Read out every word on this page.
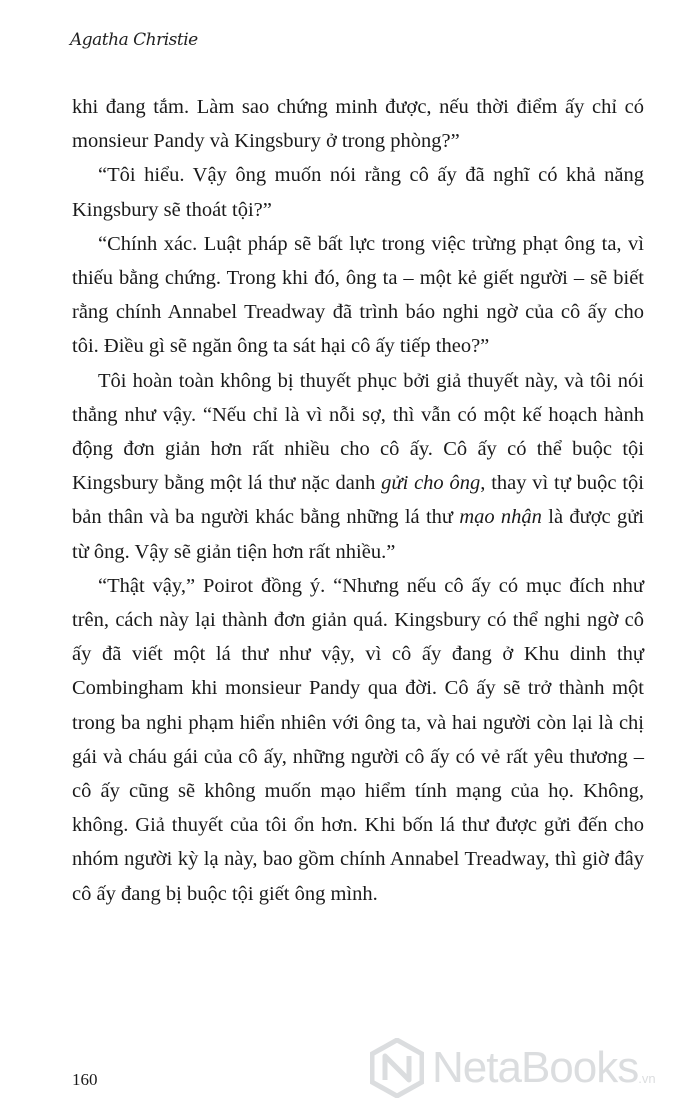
Agatha Christie

khi đang tắm. Làm sao chứng minh được, nếu thời điểm ấy chỉ có monsieur Pandy và Kingsbury ở trong phòng?”

“Tôi hiểu. Vậy ông muốn nói rằng cô ấy đã nghĩ có khả năng Kingsbury sẽ thoát tội?”

“Chính xác. Luật pháp sẽ bất lực trong việc trừng phạt ông ta, vì thiếu bằng chứng. Trong khi đó, ông ta – một kẻ giết người – sẽ biết rằng chính Annabel Treadway đã trình báo nghi ngờ của cô ấy cho tôi. Điều gì sẽ ngăn ông ta sát hại cô ấy tiếp theo?”

Tôi hoàn toàn không bị thuyết phục bởi giả thuyết này, và tôi nói thẳng như vậy. “Nếu chỉ là vì nỗi sợ, thì vẫn có một kế hoạch hành động đơn giản hơn rất nhiều cho cô ấy. Cô ấy có thể buộc tội Kingsbury bằng một lá thư nặc danh gửi cho ông, thay vì tự buộc tội bản thân và ba người khác bằng những lá thư mạo nhận là được gửi từ ông. Vậy sẽ giản tiện hơn rất nhiều.”

“Thật vậy,” Poirot đồng ý. “Nhưng nếu cô ấy có mục đích như trên, cách này lại thành đơn giản quá. Kingsbury có thể nghi ngờ cô ấy đã viết một lá thư như vậy, vì cô ấy đang ở Khu dinh thự Combingham khi monsieur Pandy qua đời. Cô ấy sẽ trở thành một trong ba nghi phạm hiển nhiên với ông ta, và hai người còn lại là chị gái và cháu gái của cô ấy, những người cô ấy có vẻ rất yêu thương – cô ấy cũng sẽ không muốn mạo hiểm tính mạng của họ. Không, không. Giả thuyết của tôi ổn hơn. Khi bốn lá thư được gửi đến cho nhóm người kỳ lạ này, bao gồm chính Annabel Treadway, thì giờ đây cô ấy đang bị buộc tội giết ông mình.

160	NetaBooks .vn
